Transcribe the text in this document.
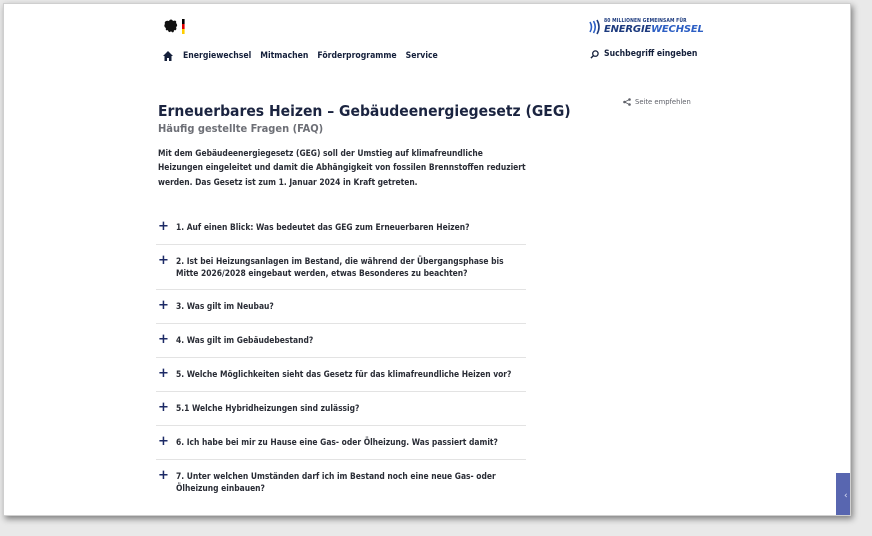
80 MILLIONEN GEMEINSAM FÜR
ENERGIEWECHSEL
Energiewechsel Mitmachen Förderprogramme Service	Suchbegriff eingeben
Erneuerbares Heizen – Gebäudeenergiegesetz (GEG)
Häufig gestellte Fragen (FAQ)
Seite empfehlen

Mit dem Gebäudeenergiegesetz (GEG) soll der Umstieg auf klimafreundliche Heizungen eingeleitet und damit die Abhängigkeit von fossilen Brennstoffen reduziert werden. Das Gesetz ist zum 1. Januar 2024 in Kraft getreten.

+ 1. Auf einen Blick: Was bedeutet das GEG zum Erneuerbaren Heizen?
+ 2. Ist bei Heizungsanlagen im Bestand, die während der Übergangsphase bis Mitte 2026/2028 eingebaut werden, etwas Besonderes zu beachten?
+ 3. Was gilt im Neubau?
+ 4. Was gilt im Gebäudebestand?
+ 5. Welche Möglichkeiten sieht das Gesetz für das klimafreundliche Heizen vor?
+ 5.1 Welche Hybridheizungen sind zulässig?
+ 6. Ich habe bei mir zu Hause eine Gas- oder Ölheizung. Was passiert damit?
+ 7. Unter welchen Umständen darf ich im Bestand noch eine neue Gas- oder Ölheizung einbauen?
‹
